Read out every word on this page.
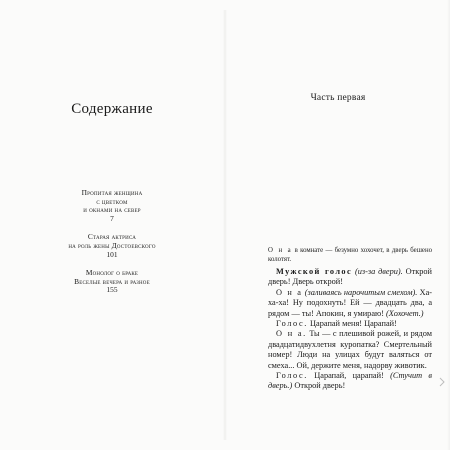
Содержание
Пропитая женщина
с цветком
и окнами на север
7
Старая актриса
на роль жены Достоевского
101
Монолог о браке
Веселые вечера и разное
155
Часть первая

О н а в комнате — безумно хохочет, в дверь бешено колотят.

Мужской голос (из-за двери). Открой дверь! Дверь открой!

О н а (заливаясь нарочитым смехом). Ха-ха-ха! Ну подохнуть! Ей — двадцать два, а рядом — ты! Апокин, я умираю! (Хохочет.)

Голос. Царапай меня! Царапай!

О н а. Ты — с плешивой рожей, и рядом двадцатидвухлетня куропатка? Смертельный номер! Люди на улицах будут валяться от смеха... Ой, держите меня, надорву животик.

Голос. Царапай, царапай! (Стучит в дверь.) Открой дверь!
